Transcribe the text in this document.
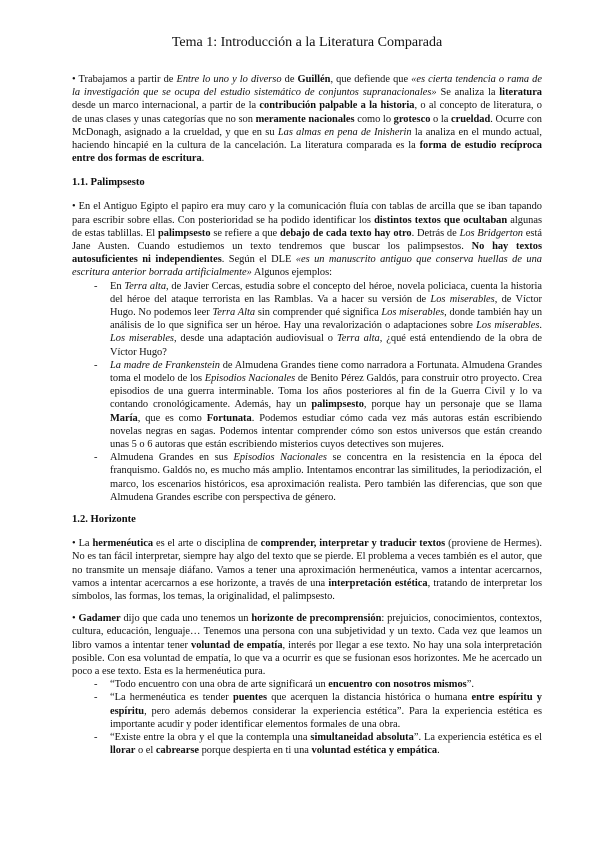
Tema 1: Introducción a la Literatura Comparada

• Trabajamos a partir de Entre lo uno y lo diverso de Guillén, que defiende que «es cierta tendencia o rama de la investigación que se ocupa del estudio sistemático de conjuntos supranacionales» Se analiza la literatura desde un marco internacional, a partir de la contribución palpable a la historia, o al concepto de literatura, o de unas clases y unas categorías que no son meramente nacionales como lo grotesco o la crueldad. Ocurre con McDonagh, asignado a la crueldad, y que en su Las almas en pena de Inisherin la analiza en el mundo actual, haciendo hincapié en la cultura de la cancelación. La literatura comparada es la forma de estudio recíproca entre dos formas de escritura.

1.1. Palimpsesto

• En el Antiguo Egipto el papiro era muy caro y la comunicación fluía con tablas de arcilla que se iban tapando para escribir sobre ellas. Con posterioridad se ha podido identificar los distintos textos que ocultaban algunas de estas tablillas. El palimpsesto se refiere a que debajo de cada texto hay otro. Detrás de Los Bridgerton está Jane Austen. Cuando estudiemos un texto tendremos que buscar los palimpsestos. No hay textos autosuficientes ni independientes. Según el DLE «es un manuscrito antiguo que conserva huellas de una escritura anterior borrada artificialmente» Algunos ejemplos:

- En Terra alta, de Javier Cercas, estudia sobre el concepto del héroe, novela policiaca, cuenta la historia del héroe del ataque terrorista en las Ramblas. Va a hacer su versión de Los miserables, de Víctor Hugo. No podemos leer Terra Alta sin comprender qué significa Los miserables, donde también hay un análisis de lo que significa ser un héroe. Hay una revalorización o adaptaciones sobre Los miserables. Los miserables, desde una adaptación audiovisual o Terra alta, ¿qué está entendiendo de la obra de Víctor Hugo?
- La madre de Frankenstein de Almudena Grandes tiene como narradora a Fortunata. Almudena Grandes toma el modelo de los Episodios Nacionales de Benito Pérez Galdós, para construir otro proyecto. Crea episodios de una guerra interminable. Toma los años posteriores al fin de la Guerra Civil y lo va contando cronológicamente. Además, hay un palimpsesto, porque hay un personaje que se llama María, que es como Fortunata. Podemos estudiar cómo cada vez más autoras están escribiendo novelas negras en sagas. Podemos intentar comprender cómo son estos universos que están creando unas 5 o 6 autoras que están escribiendo misterios cuyos detectives son mujeres.
- Almudena Grandes en sus Episodios Nacionales se concentra en la resistencia en la época del franquismo. Galdós no, es mucho más amplio. Intentamos encontrar las similitudes, la periodización, el marco, los escenarios históricos, esa aproximación realista. Pero también las diferencias, que son que Almudena Grandes escribe con perspectiva de género.
1.2. Horizonte

• La hermenéutica es el arte o disciplina de comprender, interpretar y traducir textos (proviene de Hermes). No es tan fácil interpretar, siempre hay algo del texto que se pierde. El problema a veces también es el autor, que no transmite un mensaje diáfano. Vamos a tener una aproximación hermenéutica, vamos a intentar acercarnos, vamos a intentar acercarnos a ese horizonte, a través de una interpretación estética, tratando de interpretar los símbolos, las formas, los temas, la originalidad, el palimpsesto.

• Gadamer dijo que cada uno tenemos un horizonte de precomprensión: prejuicios, conocimientos, contextos, cultura, educación, lenguaje… Tenemos una persona con una subjetividad y un texto. Cada vez que leamos un libro vamos a intentar tener voluntad de empatía, interés por llegar a ese texto. No hay una sola interpretación posible. Con esa voluntad de empatía, lo que va a ocurrir es que se fusionan esos horizontes. Me he acercado un poco a ese texto. Esta es la hermenéutica pura.

- “Todo encuentro con una obra de arte significará un encuentro con nosotros mismos”.
- “La hermenéutica es tender puentes que acerquen la distancia histórica o humana entre espíritu y espíritu, pero además debemos considerar la experiencia estética”. Para la experiencia estética es importante acudir y poder identificar elementos formales de una obra.
- “Existe entre la obra y el que la contempla una simultaneidad absoluta”. La experiencia estética es el llorar o el cabrearse porque despierta en ti una voluntad estética y empática.
